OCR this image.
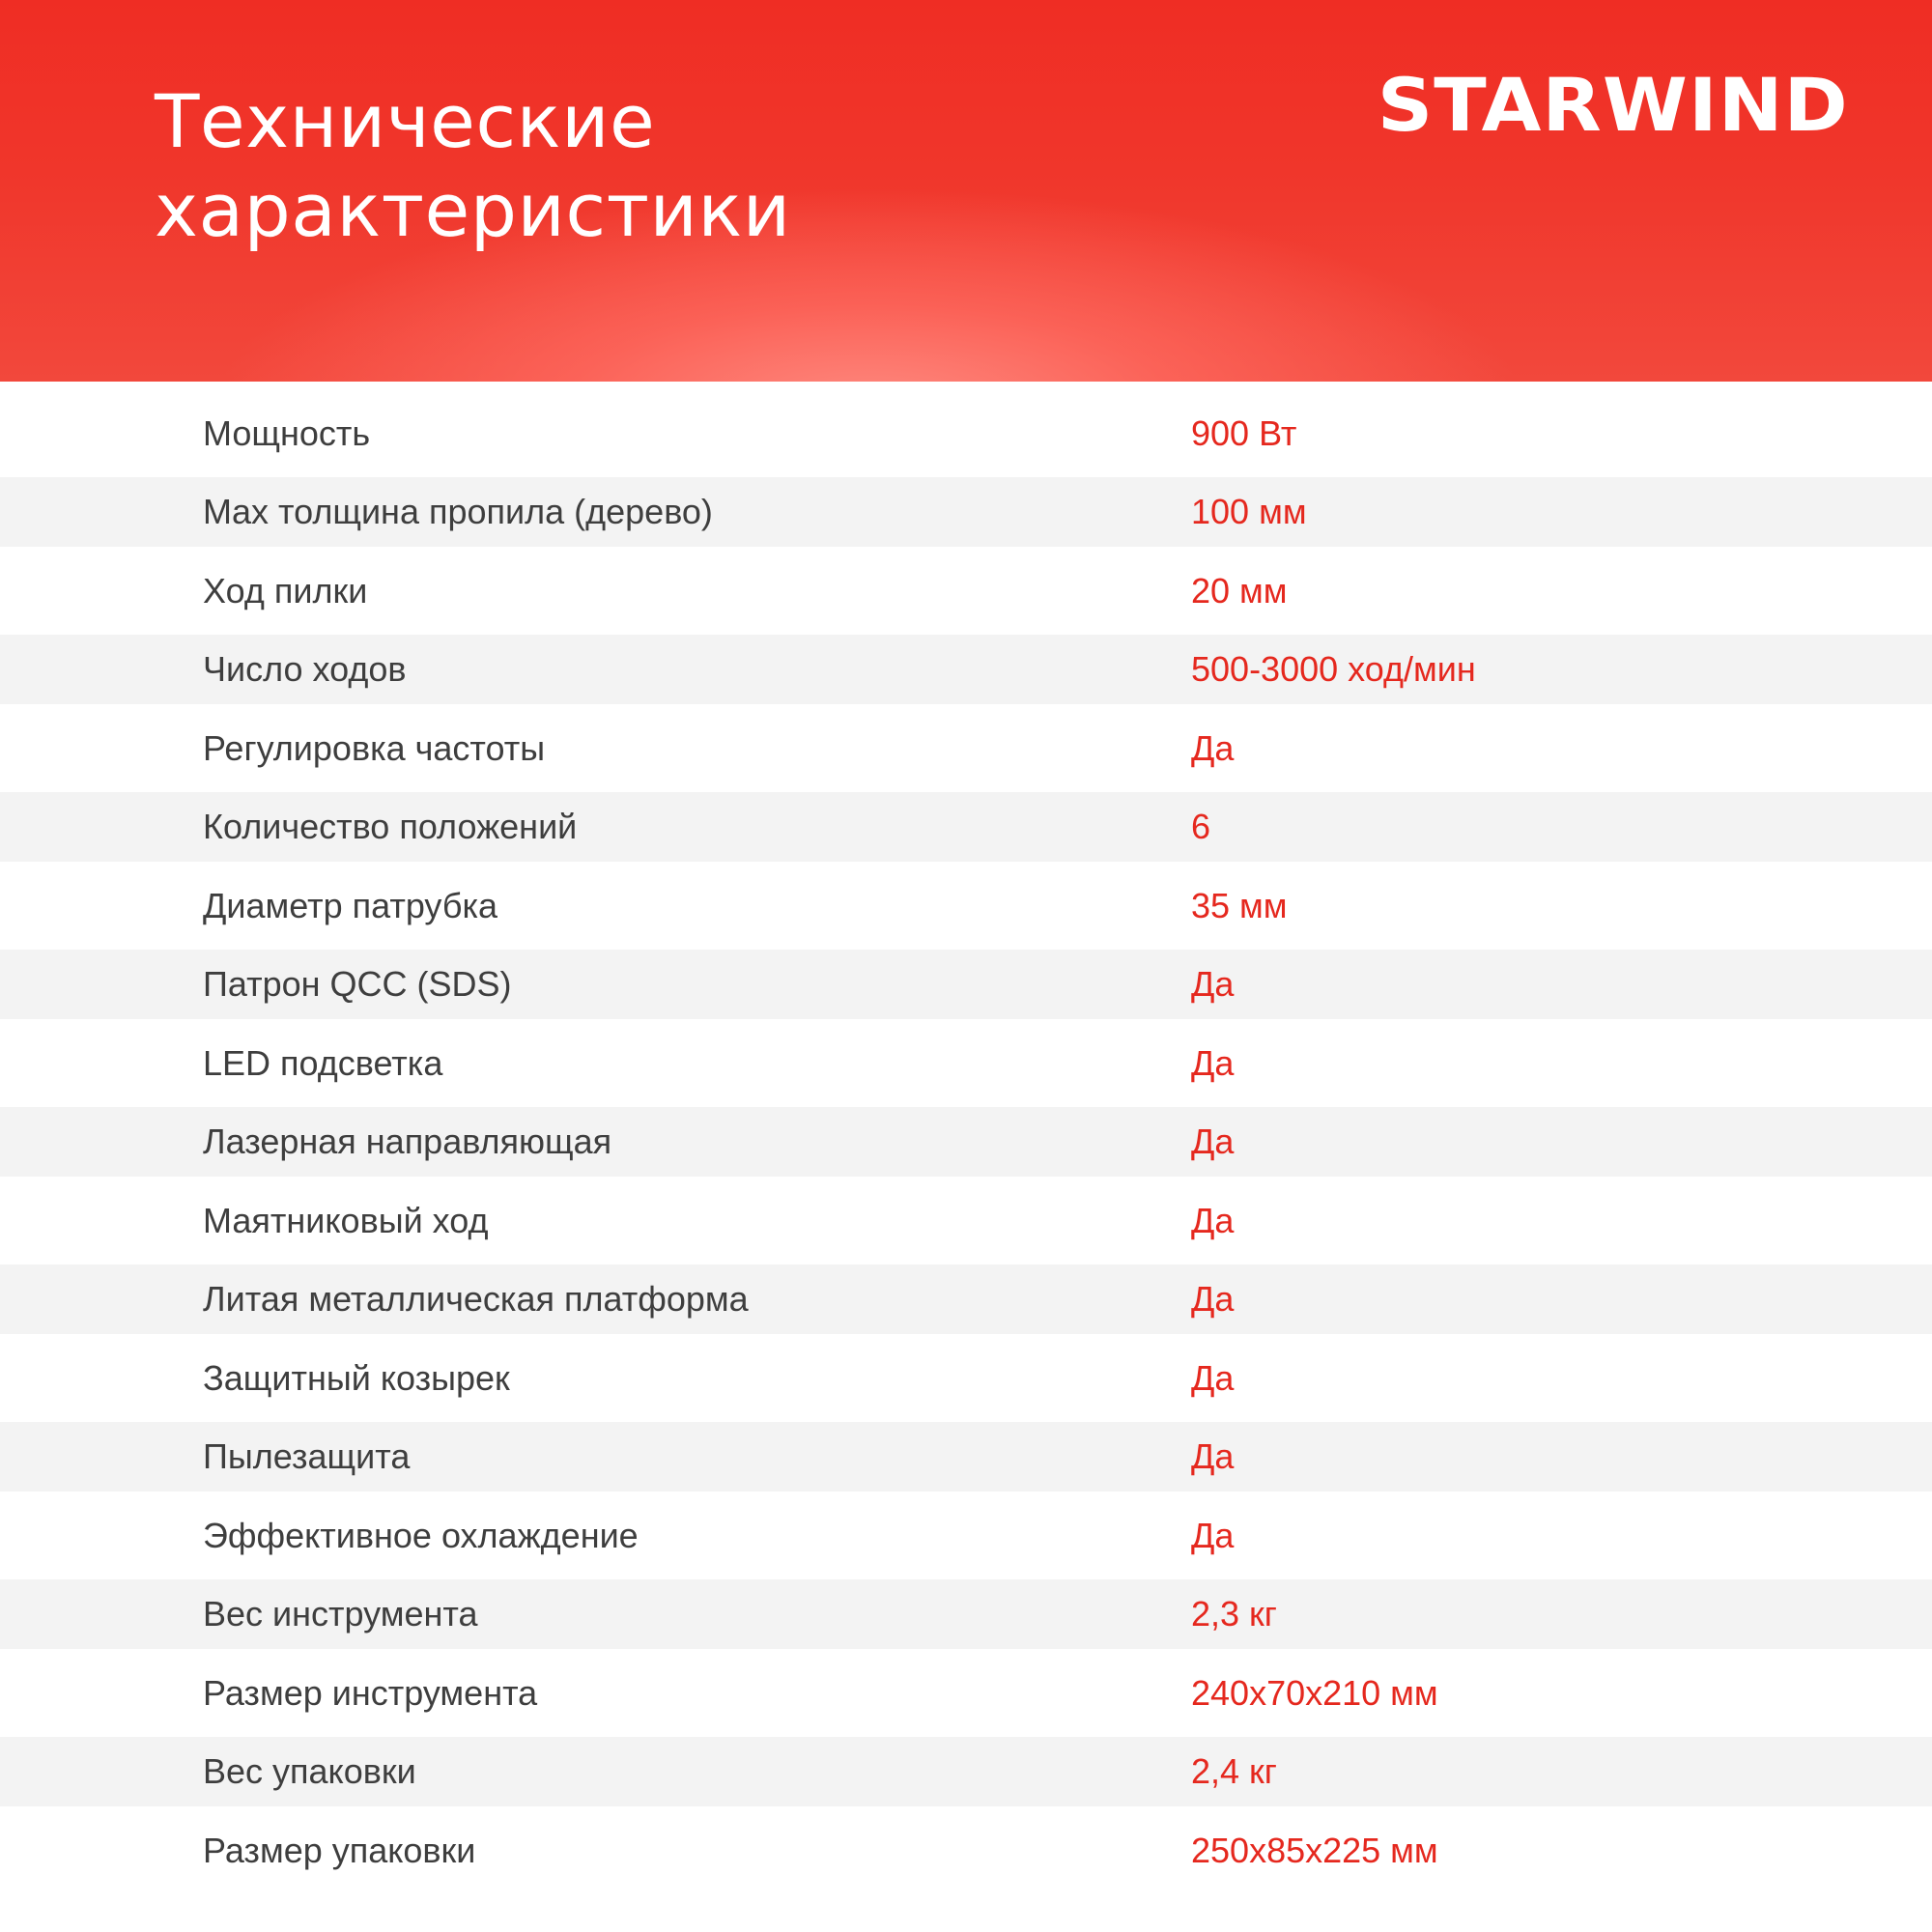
Технические
характеристики
STARWIND
Мощность	900 Вт
Max толщина пропила (дерево)	100 мм
Ход пилки	20 мм
Число ходов	500-3000 ход/мин
Регулировка частоты	Да
Количество положений	6
Диаметр патрубка	35 мм
Патрон QCC (SDS)	Да
LED подсветка	Да
Лазерная направляющая	Да
Маятниковый ход	Да
Литая металлическая платформа	Да
Защитный козырек	Да
Пылезащита	Да
Эффективное охлаждение	Да
Вес инструмента	2,3 кг
Размер инструмента	240x70x210 мм
Вес упаковки	2,4 кг
Размер упаковки	250x85x225 мм
